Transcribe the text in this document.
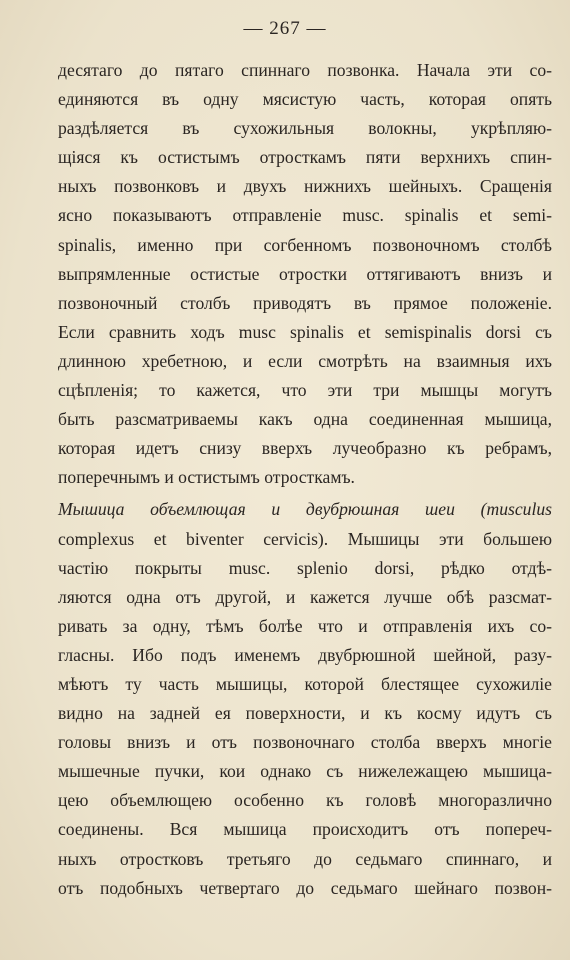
— 267 —
десятаго до пятаго спиннаго позвонка. Начала эти со-
единяются въ одну мясистую часть, которая опять
раздѣляется въ сухожильныя волокны, укрѣпляю-
щіяся къ остистымъ отросткамъ пяти верхнихъ спин-
ныхъ позвонковъ и двухъ нижнихъ шейныхъ. Сращенія
ясно показываютъ отправленіе musc. spinalis et semi-
spinalis, именно при согбенномъ позвоночномъ столбѣ
выпрямленные остистые отростки оттягиваютъ внизъ и
позвоночный столбъ приводятъ въ прямое положеніе.
Если сравнить ходъ musc spinalis et semispinalis dorsi съ
длинною хребетною, и если смотрѣть на взаимныя ихъ
сцѣпленія; то кажется, что эти три мышцы могутъ
быть разсматриваемы какъ одна соединенная мышица,
которая идетъ снизу вверхъ лучеобразно къ ребрамъ,
поперечнымъ и остистымъ отросткамъ.
Мышица объемлющая и двубрюшная шеи (musculus
complexus et biventer cervicis). Мышицы эти большею
частію покрыты musc. splenio dorsi, рѣдко отдѣ-
ляются одна отъ другой, и кажется лучше обѣ разсмат-
ривать за одну, тѣмъ болѣе что и отправленія ихъ со-
гласны. Ибо подъ именемъ двубрюшной шейной, разу-
мѣютъ ту часть мышицы, которой блестящее сухожиліе
видно на задней ея поверхности, и къ косму идутъ съ
головы внизъ и отъ позвоночнаго столба вверхъ многіе
мышечные пучки, кои однако съ нижележащею мышица-
цею объемлющею особенно къ головѣ многоразлично
соединены. Вся мышица происходитъ отъ попереч-
ныхъ отростковъ третьяго до седьмаго спиннаго, и
отъ подобныхъ четвертаго до седьмаго шейнаго позвон-
